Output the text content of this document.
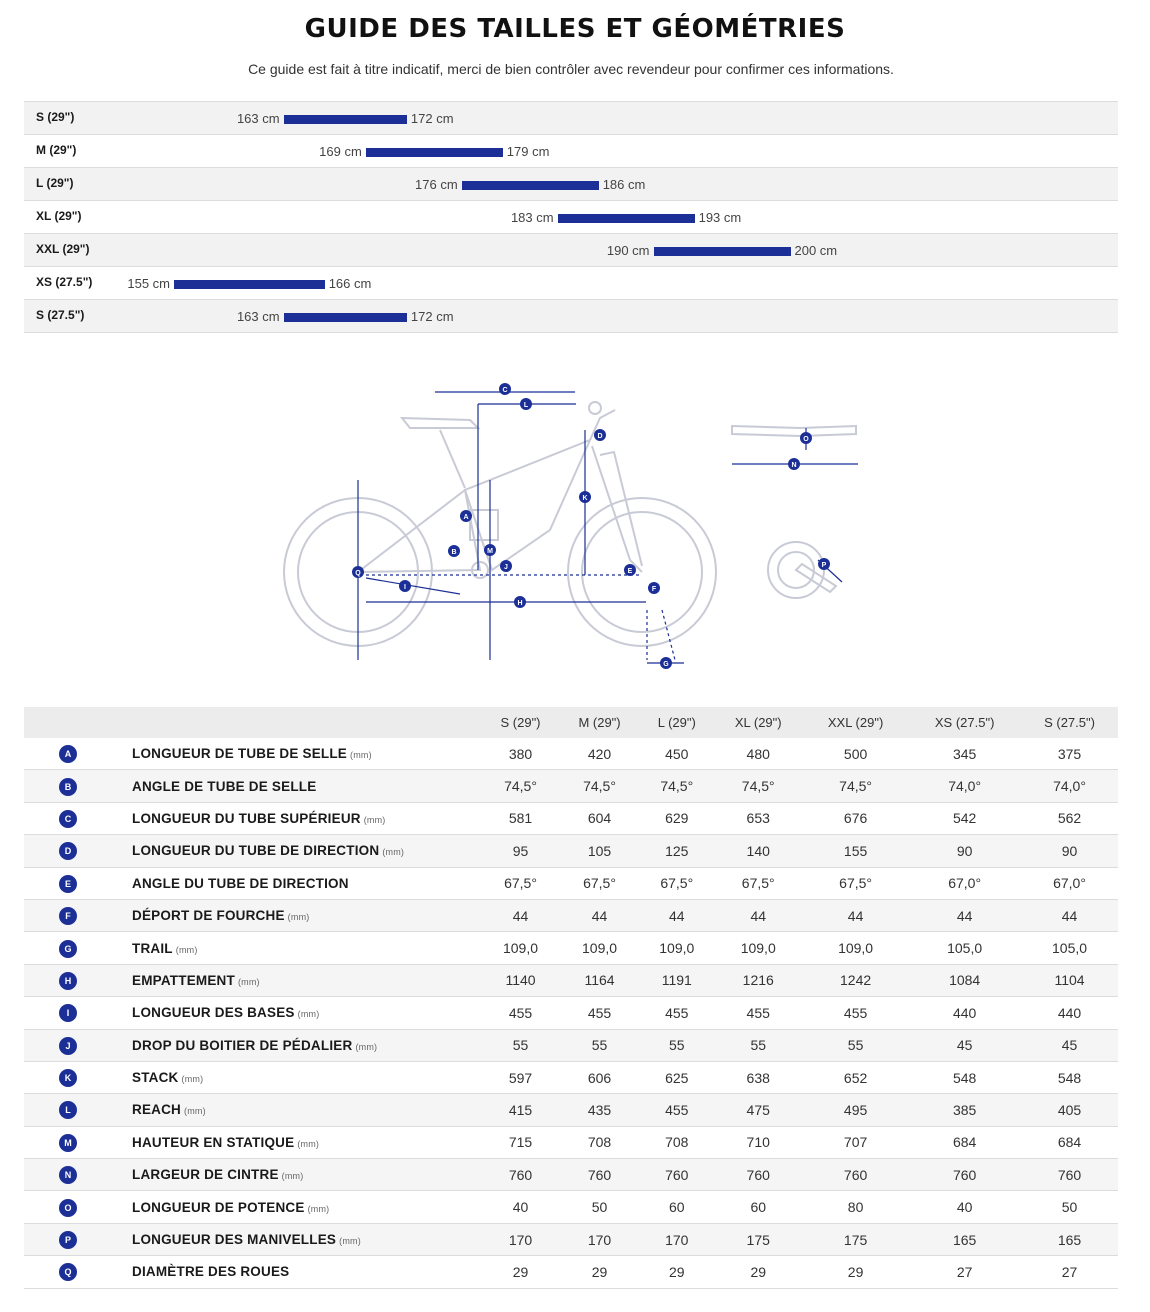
GUIDE DES TAILLES ET GÉOMÉTRIES
Ce guide est fait à titre indicatif, merci de bien contrôler avec revendeur pour confirmer ces informations.
S (29")	163 cm	172 cm
M (29")	169 cm	179 cm
L (29")	176 cm	186 cm
XL (29")	183 cm	193 cm
XXL (29")	190 cm	200 cm
XS (27.5")	155 cm	166 cm
S (27.5")	163 cm	172 cm
A
B
C
D
E
F
G
H
I
J
K
L
M
N
O
P
Q
		S (29")	M (29")	L (29")	XL (29")	XXL (29")	XS (27.5")	S (27.5")
A	LONGUEUR DE TUBE DE SELLE (mm)	380	420	450	480	500	345	375
B	ANGLE DE TUBE DE SELLE	74,5°	74,5°	74,5°	74,5°	74,5°	74,0°	74,0°
C	LONGUEUR DU TUBE SUPÉRIEUR (mm)	581	604	629	653	676	542	562
D	LONGUEUR DU TUBE DE DIRECTION (mm)	95	105	125	140	155	90	90
E	ANGLE DU TUBE DE DIRECTION	67,5°	67,5°	67,5°	67,5°	67,5°	67,0°	67,0°
F	DÉPORT DE FOURCHE (mm)	44	44	44	44	44	44	44
G	TRAIL (mm)	109,0	109,0	109,0	109,0	109,0	105,0	105,0
H	EMPATTEMENT (mm)	1140	1164	1191	1216	1242	1084	1104
I	LONGUEUR DES BASES (mm)	455	455	455	455	455	440	440
J	DROP DU BOITIER DE PÉDALIER (mm)	55	55	55	55	55	45	45
K	STACK (mm)	597	606	625	638	652	548	548
L	REACH (mm)	415	435	455	475	495	385	405
M	HAUTEUR EN STATIQUE (mm)	715	708	708	710	707	684	684
N	LARGEUR DE CINTRE (mm)	760	760	760	760	760	760	760
O	LONGUEUR DE POTENCE (mm)	40	50	60	60	80	40	50
P	LONGUEUR DES MANIVELLES (mm)	170	170	170	175	175	165	165
Q	DIAMÈTRE DES ROUES	29	29	29	29	29	27	27
